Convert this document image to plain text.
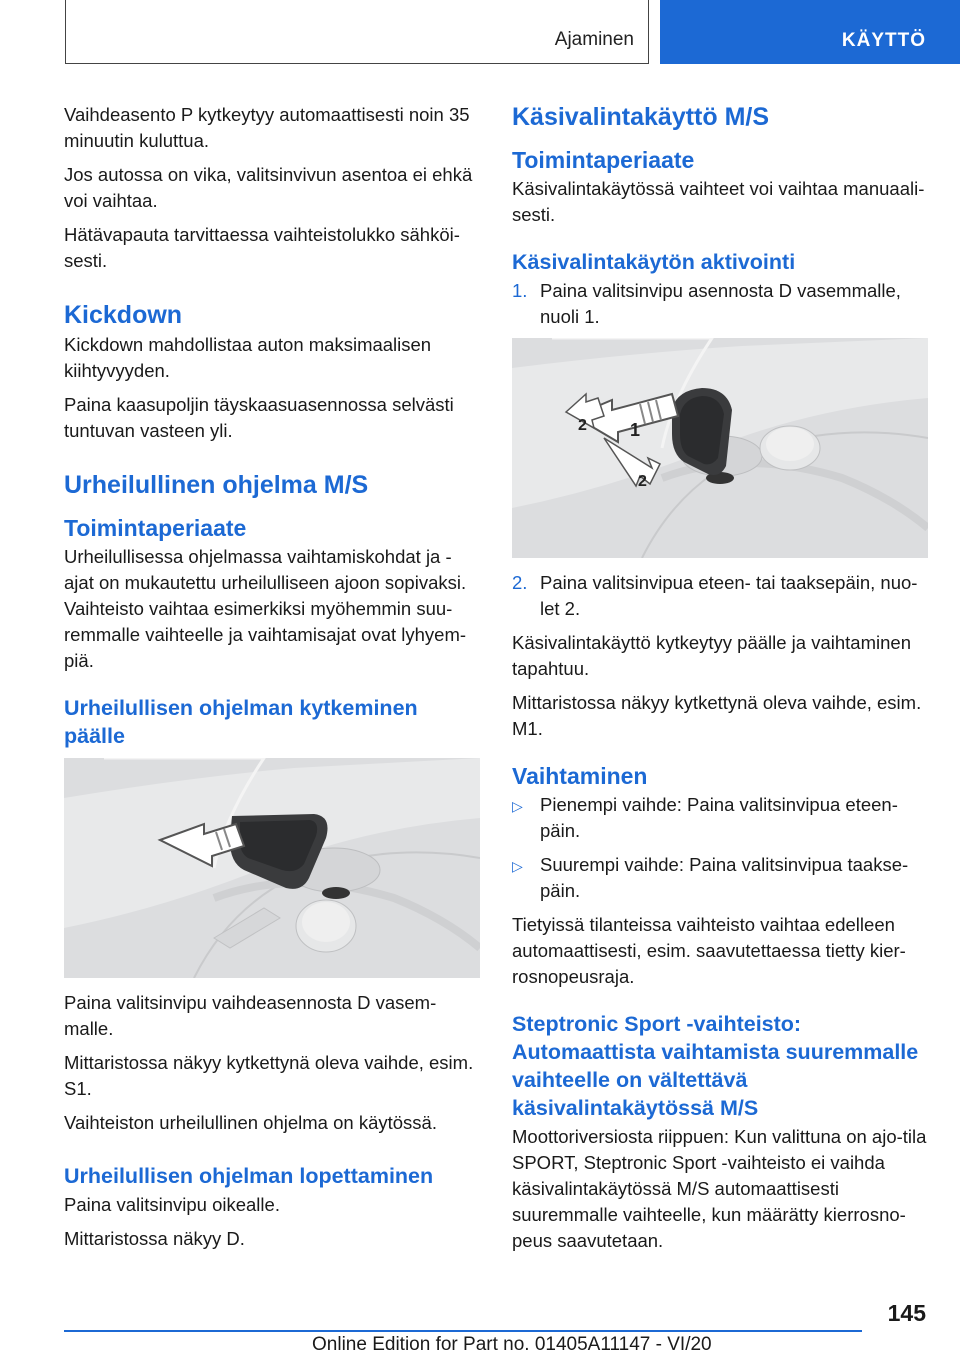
Ajaminen	KÄYTTÖ

Vaihdeasento P kytkeytyy automaattisesti noin 35 minuutin kuluttua.

Jos autossa on vika, valitsinvivun asentoa ei ehkä voi vaihtaa.

Hätävapauta tarvittaessa vaihteistolukko sähköi-sesti.

Kickdown

Kickdown mahdollistaa auton maksimaalisen kiihtyvyyden.

Paina kaasupoljin täyskaasuasennossa selvästi tuntuvan vasteen yli.

Urheilullinen ohjelma M/S
Toimintaperiaate

Urheilullisessa ohjelmassa vaihtamiskohdat ja -ajat on mukautettu urheilulliseen ajoon sopivaksi. Vaihteisto vaihtaa esimerkiksi myöhemmin suu-remmalle vaihteelle ja vaihtamisajat ovat lyhyem-piä.

Urheilullisen ohjelman kytkeminen päälle

Paina valitsinvipu vaihdeasennosta D vasem-malle.

Mittaristossa näkyy kytkettynä oleva vaihde, esim. S1.

Vaihteiston urheilullinen ohjelma on käytössä.

Urheilullisen ohjelman lopettaminen

Paina valitsinvipu oikealle.

Mittaristossa näkyy D.

Käsivalintakäyttö M/S
Toimintaperiaate

Käsivalintakäytössä vaihteet voi vaihtaa manuaali-sesti.

Käsivalintakäytön aktivointi
1. Paina valitsinvipu asennosta D vasemmalle, nuoli 1.
2 1
2
2. Paina valitsinvipua eteen- tai taaksepäin, nuo-let 2.

Käsivalintakäyttö kytkeytyy päälle ja vaihtaminen tapahtuu.

Mittaristossa näkyy kytkettynä oleva vaihde, esim. M1.

Vaihtaminen
▷ Pienempi vaihde: Paina valitsinvipua eteen-päin.
▷ Suurempi vaihde: Paina valitsinvipua taakse-päin.

Tietyissä tilanteissa vaihteisto vaihtaa edelleen automaattisesti, esim. saavutettaessa tietty kier-rosnopeusraja.

Steptronic Sport -vaihteisto: Automaattista vaihtamista suuremmalle vaihteelle on vältettävä käsivalintakäytössä M/S

Moottoriversiosta riippuen: Kun valittuna on ajo-tila SPORT, Steptronic Sport -vaihteisto ei vaihda käsivalintakäytössä M/S automaattisesti suuremmalle vaihteelle, kun määrätty kierrosno-peus saavutetaan.

145
Online Edition for Part no. 01405A11147 - VI/20
